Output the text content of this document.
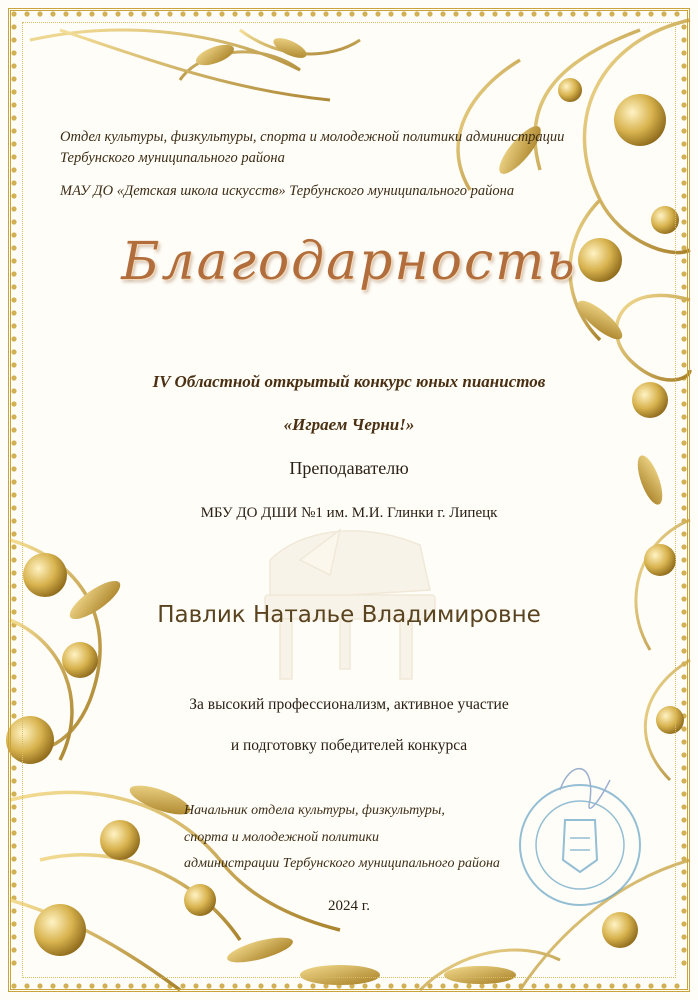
Отдел культуры, физкультуры, спорта и молодежной политики администрации

Тербунского муниципального района

МАУ ДО «Детская школа искусств» Тербунского муниципального района

Благодарность

IV Областной открытый конкурс юных пианистов

«Играем Черни!»

Преподавателю

МБУ ДО ДШИ №1 им. М.И. Глинки г. Липецк

Павлик Наталье Владимировне

За высокий профессионализм, активное участие

и подготовку победителей конкурса

Начальник отдела культуры, физкультуры,

спорта и молодежной политики

администрации Тербунского муниципального района

2024 г.
